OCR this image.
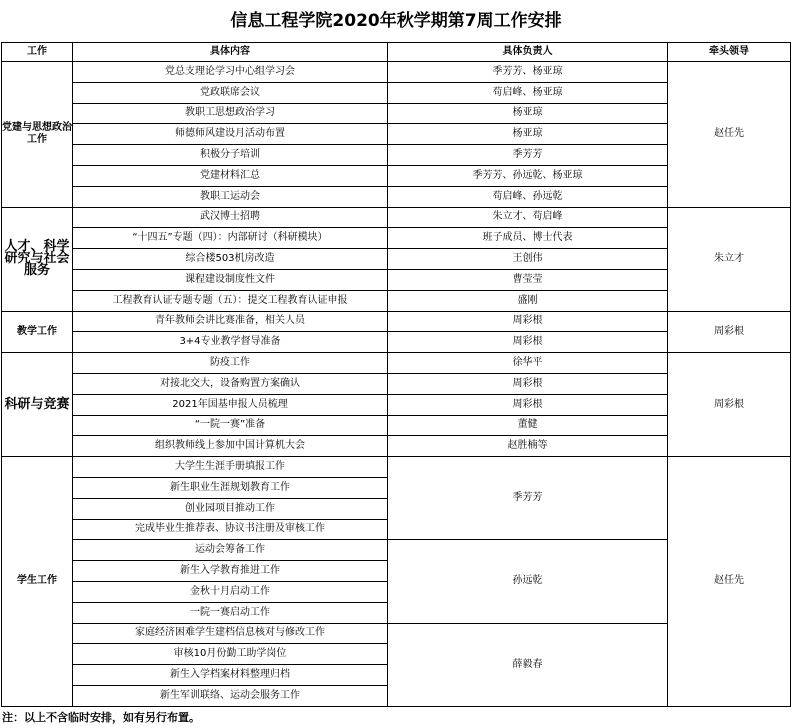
信息工程学院2020年秋学期第7周工作安排
工作	具体内容	具体负责人	牵头领导
党建与思想政治工作	党总支理论学习中心组学习会	季芳芳、杨亚琼	赵任先
	党政联席会议	苟启峰、杨亚琼	
	教职工思想政治学习	杨亚琼	
	师德师风建设月活动布置	杨亚琼	
	积极分子培训	季芳芳	
	党建材料汇总	季芳芳、孙远乾、杨亚琼	
	教职工运动会	苟启峰、孙远乾	
人才、科学研究与社会服务	武汉博士招聘	朱立才、苟启峰	朱立才
	“十四五”专题（四）：内部研讨（科研模块）	班子成员、博士代表	
	综合楼503机房改造	王创伟	
	课程建设制度性文件	曹莹莹	
	工程教育认证专题专题（五）：提交工程教育认证申报	盛刚	
教学工作	青年教师会讲比赛准备，相关人员	周彩根	周彩根
	3+4专业教学督导准备	周彩根	
科研与竞赛	防疫工作	徐华平	周彩根
	对接北交大，设备购置方案确认	周彩根	
	2021年国基申报人员梳理	周彩根	
	“一院一赛”准备	董健	
	组织教师线上参加中国计算机大会	赵胜楠等	
学生工作	大学生生涯手册填报工作	季芳芳	赵任先
	新生职业生涯规划教育工作		
	创业园项目推动工作		
	完成毕业生推荐表、协议书注册及审核工作		
	运动会筹备工作	孙远乾	
	新生入学教育推进工作		
	金秋十月启动工作		
	一院一赛启动工作		
	家庭经济困难学生建档信息核对与修改工作	薛毅春	
	审核10月份勤工助学岗位		
	新生入学档案材料整理归档		
	新生军训联络、运动会服务工作		
注：以上不含临时安排，如有另行布置。
